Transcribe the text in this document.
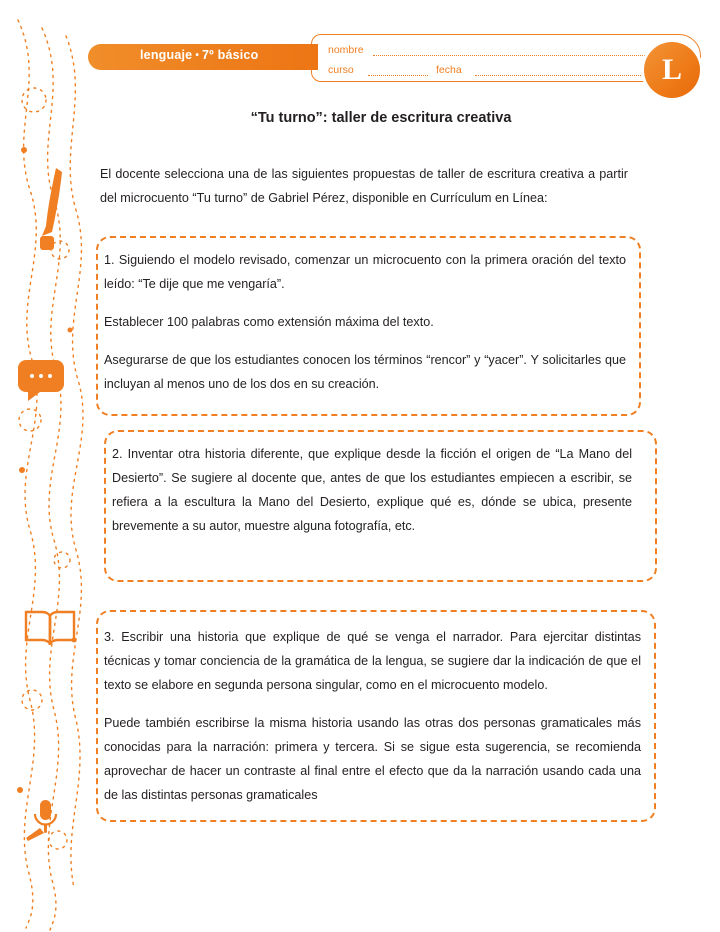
nombre
curso	fecha
lenguaje • 7º básico	L
“Tu turno”: taller de escritura creativa
El docente selecciona una de las siguientes propuestas de taller de escritura creativa a partir del microcuento “Tu turno” de Gabriel Pérez, disponible en Currículum en Línea:

1. Siguiendo el modelo revisado, comenzar un microcuento con la primera oración del texto leído: “Te dije que me vengaría”.

Establecer 100 palabras como extensión máxima del texto.

Asegurarse de que los estudiantes conocen los términos “rencor” y “yacer”. Y solicitarles que incluyan al menos uno de los dos en su creación.

2. Inventar otra historia diferente, que explique desde la ficción el origen de “La Mano del Desierto”. Se sugiere al docente que, antes de que los estudiantes empiecen a escribir, se refiera a la escultura la Mano del Desierto, explique qué es, dónde se ubica, presente brevemente a su autor, muestre alguna fotografía, etc.

3. Escribir una historia que explique de qué se venga el narrador. Para ejercitar distintas técnicas y tomar conciencia de la gramática de la lengua, se sugiere dar la indicación de que el texto se elabore en segunda persona singular, como en el microcuento modelo.

Puede también escribirse la misma historia usando las otras dos personas gramaticales más conocidas para la narración: primera y tercera. Si se sigue esta sugerencia, se recomienda aprovechar de hacer un contraste al final entre el efecto que da la narración usando cada una de las distintas personas gramaticales
